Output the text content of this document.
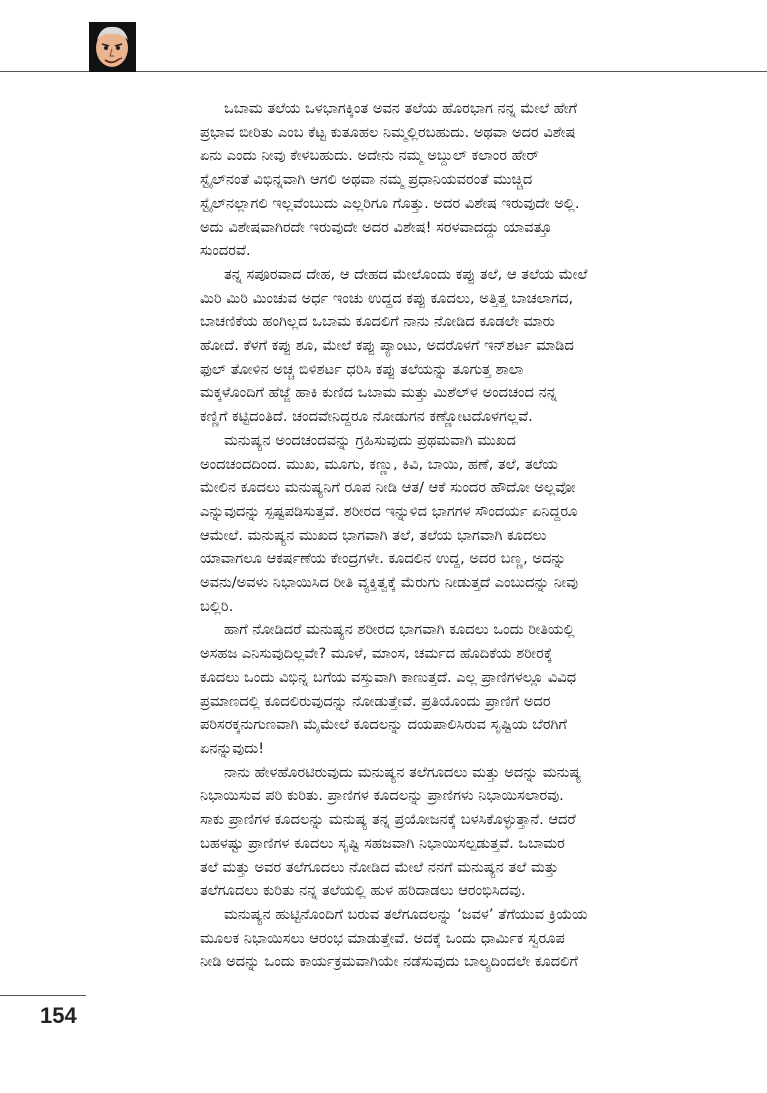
ಒಬಾಮ ತಲೆಯ ಒಳಭಾಗಕ್ಕಿಂತ ಅವನ ತಲೆಯ ಹೊರಭಾಗ ನನ್ನ ಮೇಲೆ ಹೇಗೆ
ಪ್ರಭಾವ ಬೀರಿತು ಎಂಬ ಕೆಟ್ಟ ಕುತೂಹಲ ನಿಮ್ಮಲ್ಲಿರಬಹುದು. ಅಥವಾ ಅದರ ವಿಶೇಷ
ಏನು ಎಂದು ನೀವು ಕೇಳಬಹುದು. ಅದೇನು ನಮ್ಮ ಅಬ್ದುಲ್ ಕಲಾಂರ ಹೇರ್
ಸ್ಟೈಲ್‌ನಂತೆ ವಿಭಿನ್ನವಾಗಿ ಆಗಲಿ ಅಥವಾ ನಮ್ಮ ಪ್ರಧಾನಿಯವರಂತೆ ಮುಚ್ಚಿದ
ಸ್ಟೈಲ್‌ನಲ್ಲಾಗಲಿ ಇಲ್ಲವೆಂಬುದು ಎಲ್ಲರಿಗೂ ಗೊತ್ತು. ಅದರ ವಿಶೇಷ ಇರುವುದೇ ಅಲ್ಲಿ.
ಅದು ವಿಶೇಷವಾಗಿರದೇ ಇರುವುದೇ ಅದರ ವಿಶೇಷ! ಸರಳವಾದದ್ದು ಯಾವತ್ತೂ
ಸುಂದರವೆ.

ತನ್ನ ಸಪೂರವಾದ ದೇಹ, ಆ ದೇಹದ ಮೇಲೊಂದು ಕಪ್ಪು ತಲೆ, ಆ ತಲೆಯ ಮೇಲೆ
ಮಿರಿ ಮಿರಿ ಮಿಂಚುವ ಅರ್ಧ ಇಂಚು ಉದ್ದದ ಕಪ್ಪು ಕೂದಲು, ಅತ್ತಿತ್ತ ಬಾಚಲಾಗದ,
ಬಾಚಣಿಕೆಯ ಹಂಗಿಲ್ಲದ ಒಬಾಮ ಕೂದಲಿಗೆ ನಾನು ನೋಡಿದ ಕೂಡಲೇ ಮಾರು
ಹೋದೆ. ಕೆಳಗೆ ಕಪ್ಪು ಶೂ, ಮೇಲೆ ಕಪ್ಪು ಪ್ಯಾಂಟು, ಅದರೊಳಗೆ ಇನ್‌ಶರ್ಟ ಮಾಡಿದ
ಫುಲ್ ತೋಳಿನ ಅಚ್ಚ ಬಿಳಿಶರ್ಟ ಧರಿಸಿ ಕಪ್ಪು ತಲೆಯನ್ನು ತೂಗುತ್ತ ಶಾಲಾ
ಮಕ್ಕಳೊಂದಿಗೆ ಹೆಜ್ಜೆ ಹಾಕಿ ಕುಣಿದ ಒಬಾಮ ಮತ್ತು ಮಿಶೆಲ್‌ಳ ಅಂದಚಂದ ನನ್ನ
ಕಣ್ಣಿಗೆ ಕಟ್ಟಿದಂತಿದೆ. ಚಂದವೇನಿದ್ದರೂ ನೋಡುಗನ ಕಣ್ಣೋಟದೊಳಗಲ್ಲವೆ.

ಮನುಷ್ಯನ ಅಂದಚಂದವನ್ನು ಗ್ರಹಿಸುವುದು ಪ್ರಥಮವಾಗಿ ಮುಖದ
ಅಂದಚಂದದಿಂದ. ಮುಖ, ಮೂಗು, ಕಣ್ಣು, ಕಿವಿ, ಬಾಯಿ, ಹಣೆ, ತಲೆ, ತಲೆಯ
ಮೇಲಿನ ಕೂದಲು ಮನುಷ್ಯನಿಗೆ ರೂಪ ನೀಡಿ ಆತ/ ಆಕೆ ಸುಂದರ ಹೌದೋ ಅಲ್ಲವೋ
ಎನ್ನುವುದನ್ನು ಸ್ಪಷ್ಟಪಡಿಸುತ್ತವೆ. ಶರೀರದ ಇನ್ನುಳಿದ ಭಾಗಗಳ ಸೌಂದರ್ಯ ಏನಿದ್ದರೂ
ಆಮೇಲೆ. ಮನುಷ್ಯನ ಮುಖದ ಭಾಗವಾಗಿ ತಲೆ, ತಲೆಯ ಭಾಗವಾಗಿ ಕೂದಲು
ಯಾವಾಗಲೂ ಆಕರ್ಷಣೆಯ ಕೇಂದ್ರಗಳೇ. ಕೂದಲಿನ ಉದ್ದ, ಅದರ ಬಣ್ಣ, ಅದನ್ನು
ಅವನು/ಅವಳು ನಿಭಾಯಿಸಿದ ರೀತಿ ವ್ಯಕ್ತಿತ್ವಕ್ಕೆ ಮೆರುಗು ನೀಡುತ್ತದೆ ಎಂಬುದನ್ನು ನೀವು
ಬಲ್ಲಿರಿ.

ಹಾಗೆ ನೋಡಿದರೆ ಮನುಷ್ಯನ ಶರೀರದ ಭಾಗವಾಗಿ ಕೂದಲು ಒಂದು ರೀತಿಯಲ್ಲಿ
ಅಸಹಜ ಎನಿಸುವುದಿಲ್ಲವೇ? ಮೂಳೆ, ಮಾಂಸ, ಚರ್ಮದ ಹೊದಿಕೆಯ ಶರೀರಕ್ಕೆ
ಕೂದಲು ಒಂದು ವಿಭಿನ್ನ ಬಗೆಯ ವಸ್ತುವಾಗಿ ಕಾಣುತ್ತದೆ. ಎಲ್ಲ ಪ್ರಾಣಿಗಳಲ್ಲೂ ವಿವಿಧ
ಪ್ರಮಾಣದಲ್ಲಿ ಕೂದಲಿರುವುದನ್ನು ನೋಡುತ್ತೇವೆ. ಪ್ರತಿಯೊಂದು ಪ್ರಾಣಿಗೆ ಅದರ
ಪರಿಸರಕ್ಕನುಗುಣವಾಗಿ ಮೈಮೇಲೆ ಕೂದಲನ್ನು ದಯಪಾಲಿಸಿರುವ ಸೃಷ್ಟಿಯ ಬೆರಗಿಗೆ
ಏನನ್ನುವುದು!

ನಾನು ಹೇಳಹೊರಟಿರುವುದು ಮನುಷ್ಯನ ತಲೆಗೂದಲು ಮತ್ತು ಅದನ್ನು ಮನುಷ್ಯ
ನಿಭಾಯಿಸುವ ಪರಿ ಕುರಿತು. ಪ್ರಾಣಿಗಳ ಕೂದಲನ್ನು ಪ್ರಾಣಿಗಳು ನಿಭಾಯಿಸಲಾರವು.
ಸಾಕು ಪ್ರಾಣಿಗಳ ಕೂದಲನ್ನು ಮನುಷ್ಯ ತನ್ನ ಪ್ರಯೋಜನಕ್ಕೆ ಬಳಸಿಕೊಳ್ಳುತ್ತಾನೆ. ಆದರೆ
ಬಹಳಷ್ಟು ಪ್ರಾಣಿಗಳ ಕೂದಲು ಸೃಷ್ಟಿ ಸಹಜವಾಗಿ ನಿಭಾಯಿಸಲ್ಪಡುತ್ತವೆ. ಒಬಾಮರ
ತಲೆ ಮತ್ತು ಅವರ ತಲೆಗೂದಲು ನೋಡಿದ ಮೇಲೆ ನನಗೆ ಮನುಷ್ಯನ ತಲೆ ಮತ್ತು
ತಲೆಗೂದಲು ಕುರಿತು ನನ್ನ ತಲೆಯಲ್ಲಿ ಹುಳ ಹರಿದಾಡಲು ಆರಂಭಿಸಿದವು.

ಮನುಷ್ಯನ ಹುಟ್ಟಿನೊಂದಿಗೆ ಬರುವ ತಲೆಗೂದಲನ್ನು ‘ಜವಳ’ ತೆಗೆಯುವ ಕ್ರಿಯೆಯ
ಮೂಲಕ ನಿಭಾಯಿಸಲು ಆರಂಭ ಮಾಡುತ್ತೇವೆ. ಅದಕ್ಕೆ ಒಂದು ಧಾರ್ಮಿಕ ಸ್ವರೂಪ
ನೀಡಿ ಅದನ್ನು ಒಂದು ಕಾರ್ಯಕ್ರಮವಾಗಿಯೇ ನಡೆಸುವುದು ಬಾಲ್ಯದಿಂದಲೇ ಕೂದಲಿಗೆ

154
